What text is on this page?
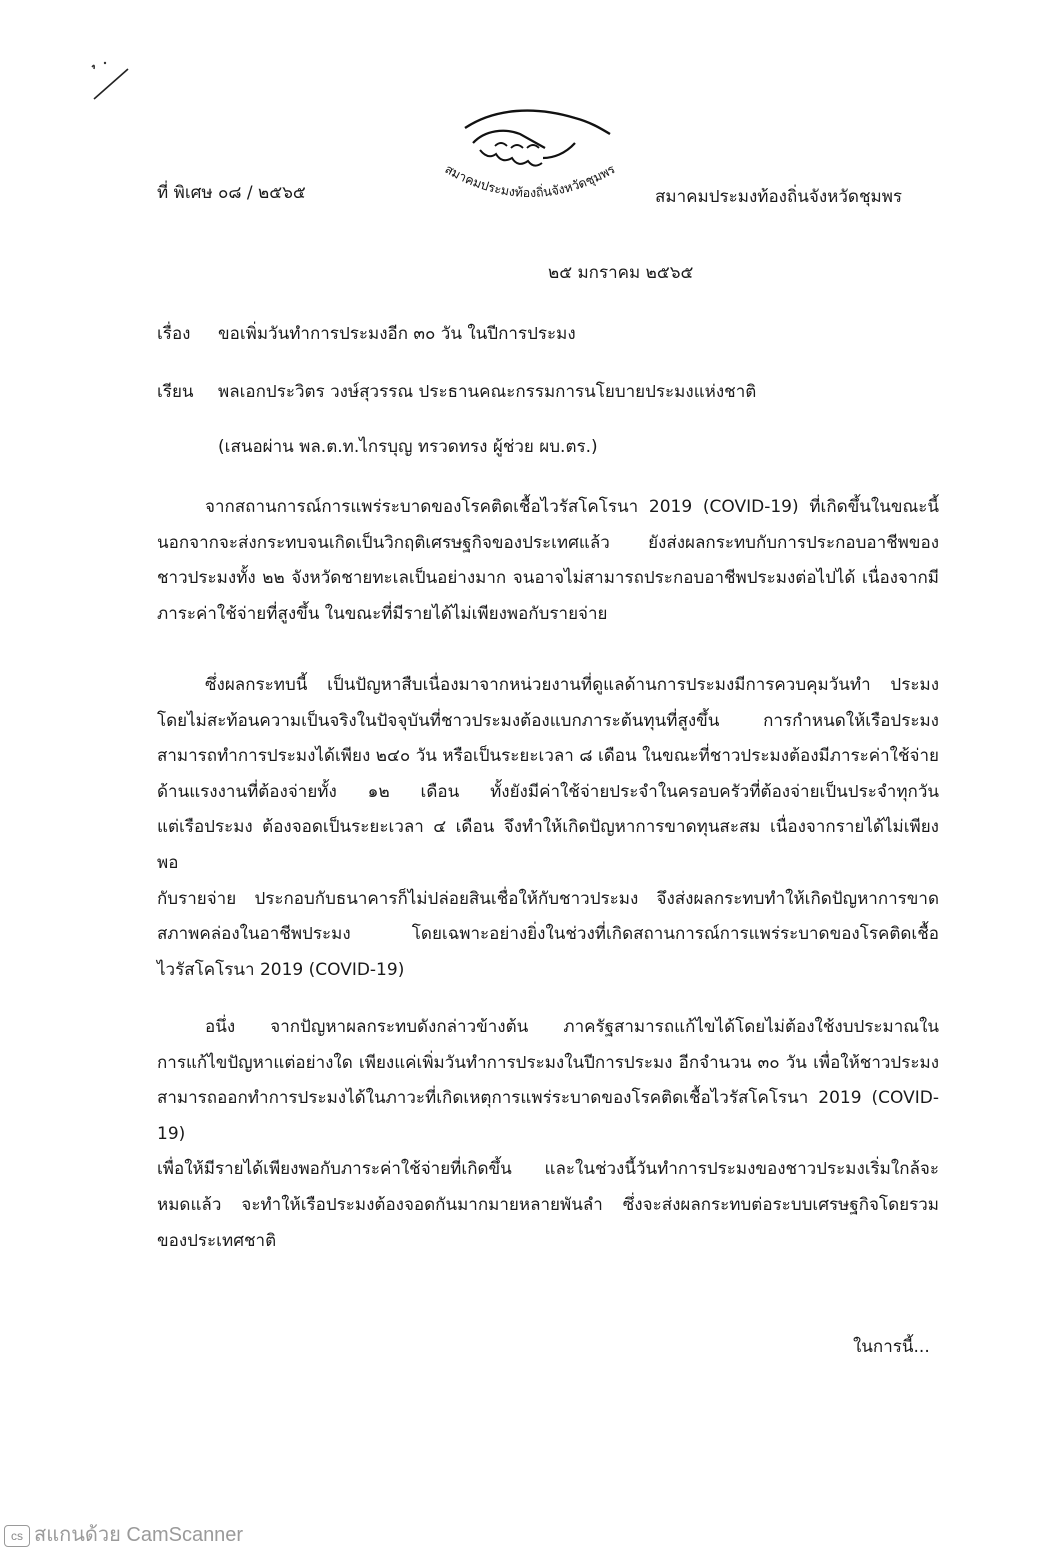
สมาคมประมงท้องถิ่นจังหวัดชุมพร
ที่ พิเศษ ๐๘ / ๒๕๖๕	สมาคมประมงท้องถิ่นจังหวัดชุมพร
๒๕ มกราคม ๒๕๖๕
เรื่อง ขอเพิ่มวันทำการประมงอีก ๓๐ วัน ในปีการประมง
เรียน พลเอกประวิตร วงษ์สุวรรณ ประธานคณะกรรมการนโยบายประมงแห่งชาติ
(เสนอผ่าน พล.ต.ท.ไกรบุญ ทรวดทรง ผู้ช่วย ผบ.ตร.)

จากสถานการณ์การแพร่ระบาดของโรคติดเชื้อไวรัสโคโรนา 2019 (COVID-19) ที่เกิดขึ้นในขณะนี้

นอกจากจะส่งกระทบจนเกิดเป็นวิกฤติเศรษฐกิจของประเทศแล้ว ยังส่งผลกระทบกับการประกอบอาชีพของ

ชาวประมงทั้ง ๒๒ จังหวัดชายทะเลเป็นอย่างมาก จนอาจไม่สามารถประกอบอาชีพประมงต่อไปได้ เนื่องจากมี

ภาระค่าใช้จ่ายที่สูงขึ้น ในขณะที่มีรายได้ไม่เพียงพอกับรายจ่าย

ซึ่งผลกระทบนี้ เป็นปัญหาสืบเนื่องมาจากหน่วยงานที่ดูแลด้านการประมงมีการควบคุมวันทำ ประมง

โดยไม่สะท้อนความเป็นจริงในปัจจุบันที่ชาวประมงต้องแบกภาระต้นทุนที่สูงขึ้น การกำหนดให้เรือประมง

สามารถทำการประมงได้เพียง ๒๔๐ วัน หรือเป็นระยะเวลา ๘ เดือน ในขณะที่ชาวประมงต้องมีภาระค่าใช้จ่าย

ด้านแรงงานที่ต้องจ่ายทั้ง ๑๒ เดือน ทั้งยังมีค่าใช้จ่ายประจำในครอบครัวที่ต้องจ่ายเป็นประจำทุกวัน

แต่เรือประมง ต้องจอดเป็นระยะเวลา ๔ เดือน จึงทำให้เกิดปัญหาการขาดทุนสะสม เนื่องจากรายได้ไม่เพียงพอ

กับรายจ่าย ประกอบกับธนาคารก็ไม่ปล่อยสินเชื่อให้กับชาวประมง จึงส่งผลกระทบทำให้เกิดปัญหาการขาด

สภาพคล่องในอาชีพประมง โดยเฉพาะอย่างยิ่งในช่วงที่เกิดสถานการณ์การแพร่ระบาดของโรคติดเชื้อ

ไวรัสโคโรนา 2019 (COVID-19)

อนึ่ง จากปัญหาผลกระทบดังกล่าวข้างต้น ภาครัฐสามารถแก้ไขได้โดยไม่ต้องใช้งบประมาณใน

การแก้ไขปัญหาแต่อย่างใด เพียงแค่เพิ่มวันทำการประมงในปีการประมง อีกจำนวน ๓๐ วัน เพื่อให้ชาวประมง

สามารถออกทำการประมงได้ในภาวะที่เกิดเหตุการแพร่ระบาดของโรคติดเชื้อไวรัสโคโรนา 2019 (COVID-19)

เพื่อให้มีรายได้เพียงพอกับภาระค่าใช้จ่ายที่เกิดขึ้น และในช่วงนี้วันทำการประมงของชาวประมงเริ่มใกล้จะ

หมดแล้ว จะทำให้เรือประมงต้องจอดกันมากมายหลายพันลำ ซึ่งจะส่งผลกระทบต่อระบบเศรษฐกิจโดยรวม

ของประเทศชาติ

ในการนี้...
cs สแกนด้วย CamScanner
